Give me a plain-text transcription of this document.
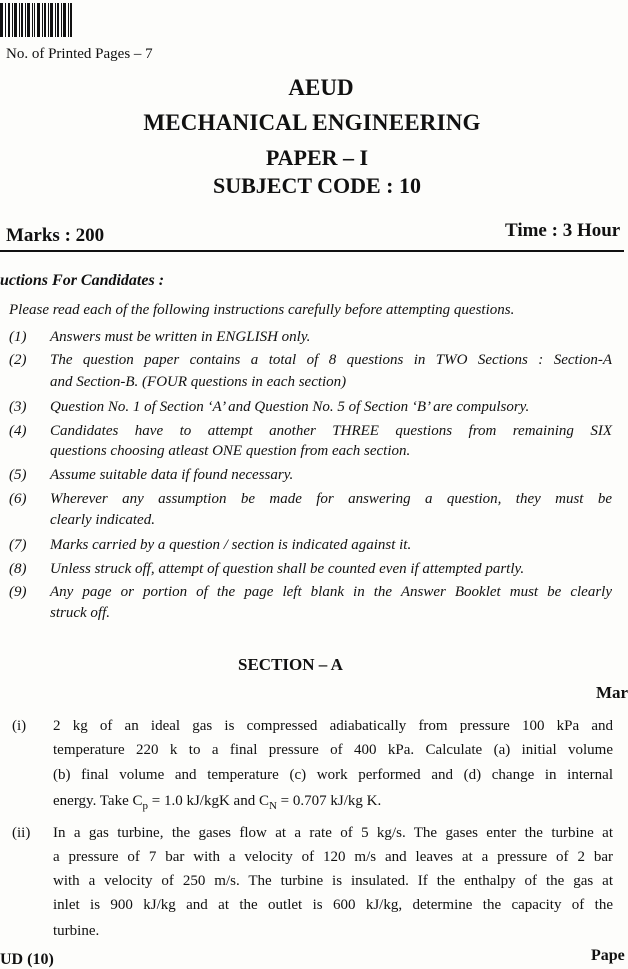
No. of Printed Pages – 7
AEUD
MECHANICAL ENGINEERING
PAPER – I
SUBJECT CODE : 10
Marks : 200	Time : 3 Hour
uctions For Candidates :
Please read each of the following instructions carefully before attempting questions.
(1) Answers must be written in ENGLISH only.
(2) The question paper contains a total of 8 questions in TWO Sections : Section-A
and Section-B. (FOUR questions in each section)
(3) Question No. 1 of Section ‘A’ and Question No. 5 of Section ‘B’ are compulsory.
(4) Candidates have to attempt another THREE questions from remaining SIX
questions choosing atleast ONE question from each section.
(5) Assume suitable data if found necessary.
(6) Wherever any assumption be made for answering a question, they must be
clearly indicated.
(7) Marks carried by a question / section is indicated against it.
(8) Unless struck off, attempt of question shall be counted even if attempted partly.
(9) Any page or portion of the page left blank in the Answer Booklet must be clearly
struck off.
SECTION – A
Mar
(i) 2 kg of an ideal gas is compressed adiabatically from pressure 100 kPa and
temperature 220 k to a final pressure of 400 kPa. Calculate (a) initial volume
(b) final volume and temperature (c) work performed and (d) change in internal
energy. Take $C_p = 1.0$ kJ/kgK and $C_N = 0.707$ kJ/kg K.
(ii) In a gas turbine, the gases flow at a rate of 5 kg/s. The gases enter the turbine at
a pressure of 7 bar with a velocity of 120 m/s and leaves at a pressure of 2 bar
with a velocity of 250 m/s. The turbine is insulated. If the enthalpy of the gas at
inlet is 900 kJ/kg and at the outlet is 600 kJ/kg, determine the capacity of the
turbine.
UD (10)	Pape
